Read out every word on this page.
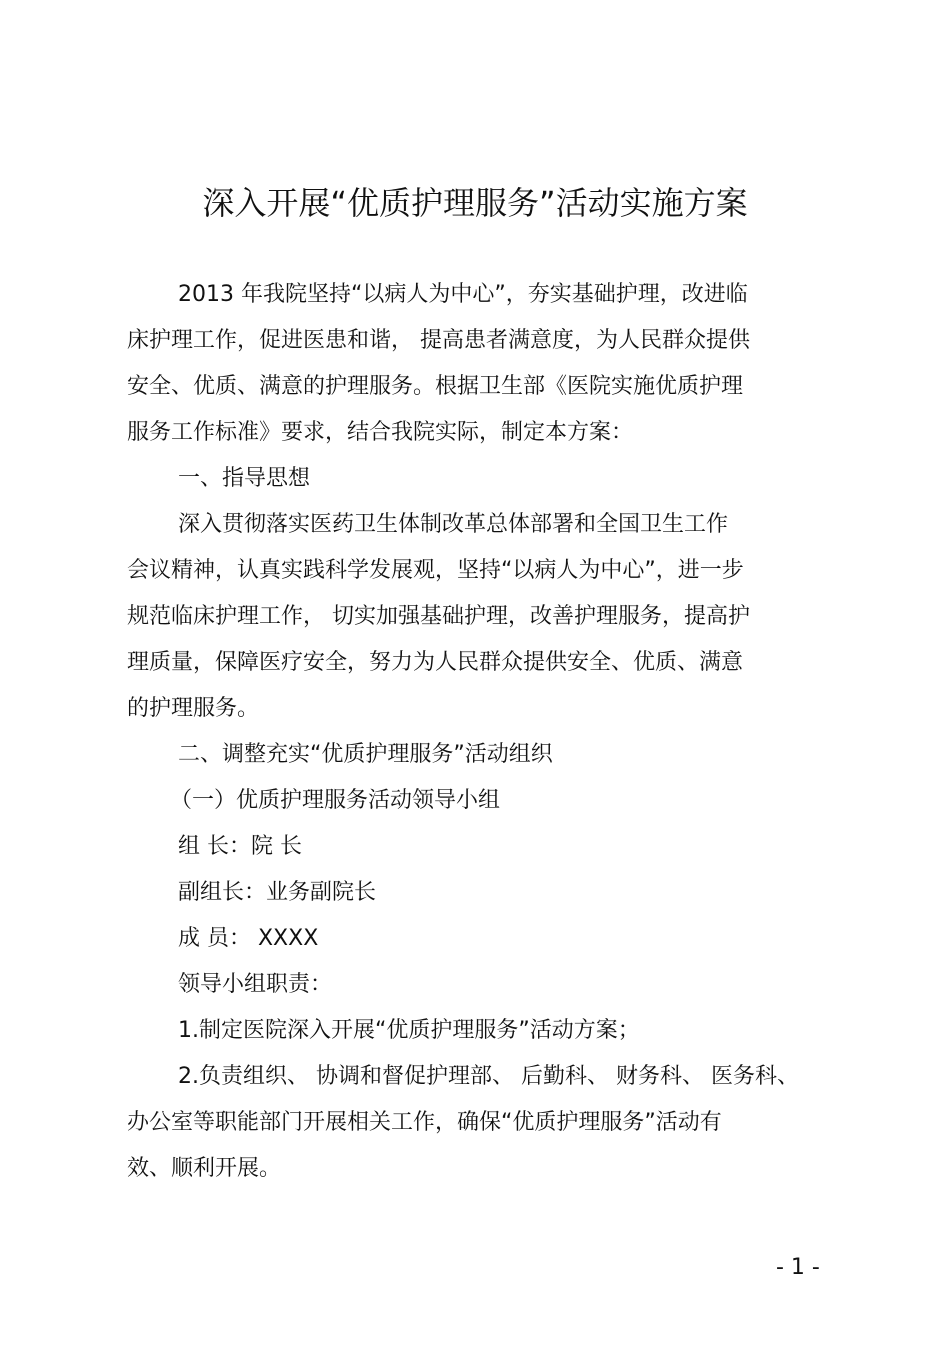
深入开展“优质护理服务”活动实施方案
2013 年我院坚持“以病人为中心”，夯实基础护理，改进临
床护理工作，促进医患和谐， 提高患者满意度，为人民群众提供
安全、优质、满意的护理服务。根据卫生部《医院实施优质护理
服务工作标准》要求，结合我院实际，制定本方案：
一、指导思想
深入贯彻落实医药卫生体制改革总体部署和全国卫生工作
会议精神，认真实践科学发展观，坚持“以病人为中心”，进一步
规范临床护理工作， 切实加强基础护理，改善护理服务，提高护
理质量，保障医疗安全，努力为人民群众提供安全、优质、满意
的护理服务。
二、调整充实“优质护理服务”活动组织
（一）优质护理服务活动领导小组
组 长：院 长
副组长：业务副院长
成 员： XXXX
领导小组职责：
1.制定医院深入开展“优质护理服务”活动方案；
2.负责组织、 协调和督促护理部、 后勤科、 财务科、 医务科、
办公室等职能部门开展相关工作，确保“优质护理服务”活动有
效、顺利开展。
- 1 -
